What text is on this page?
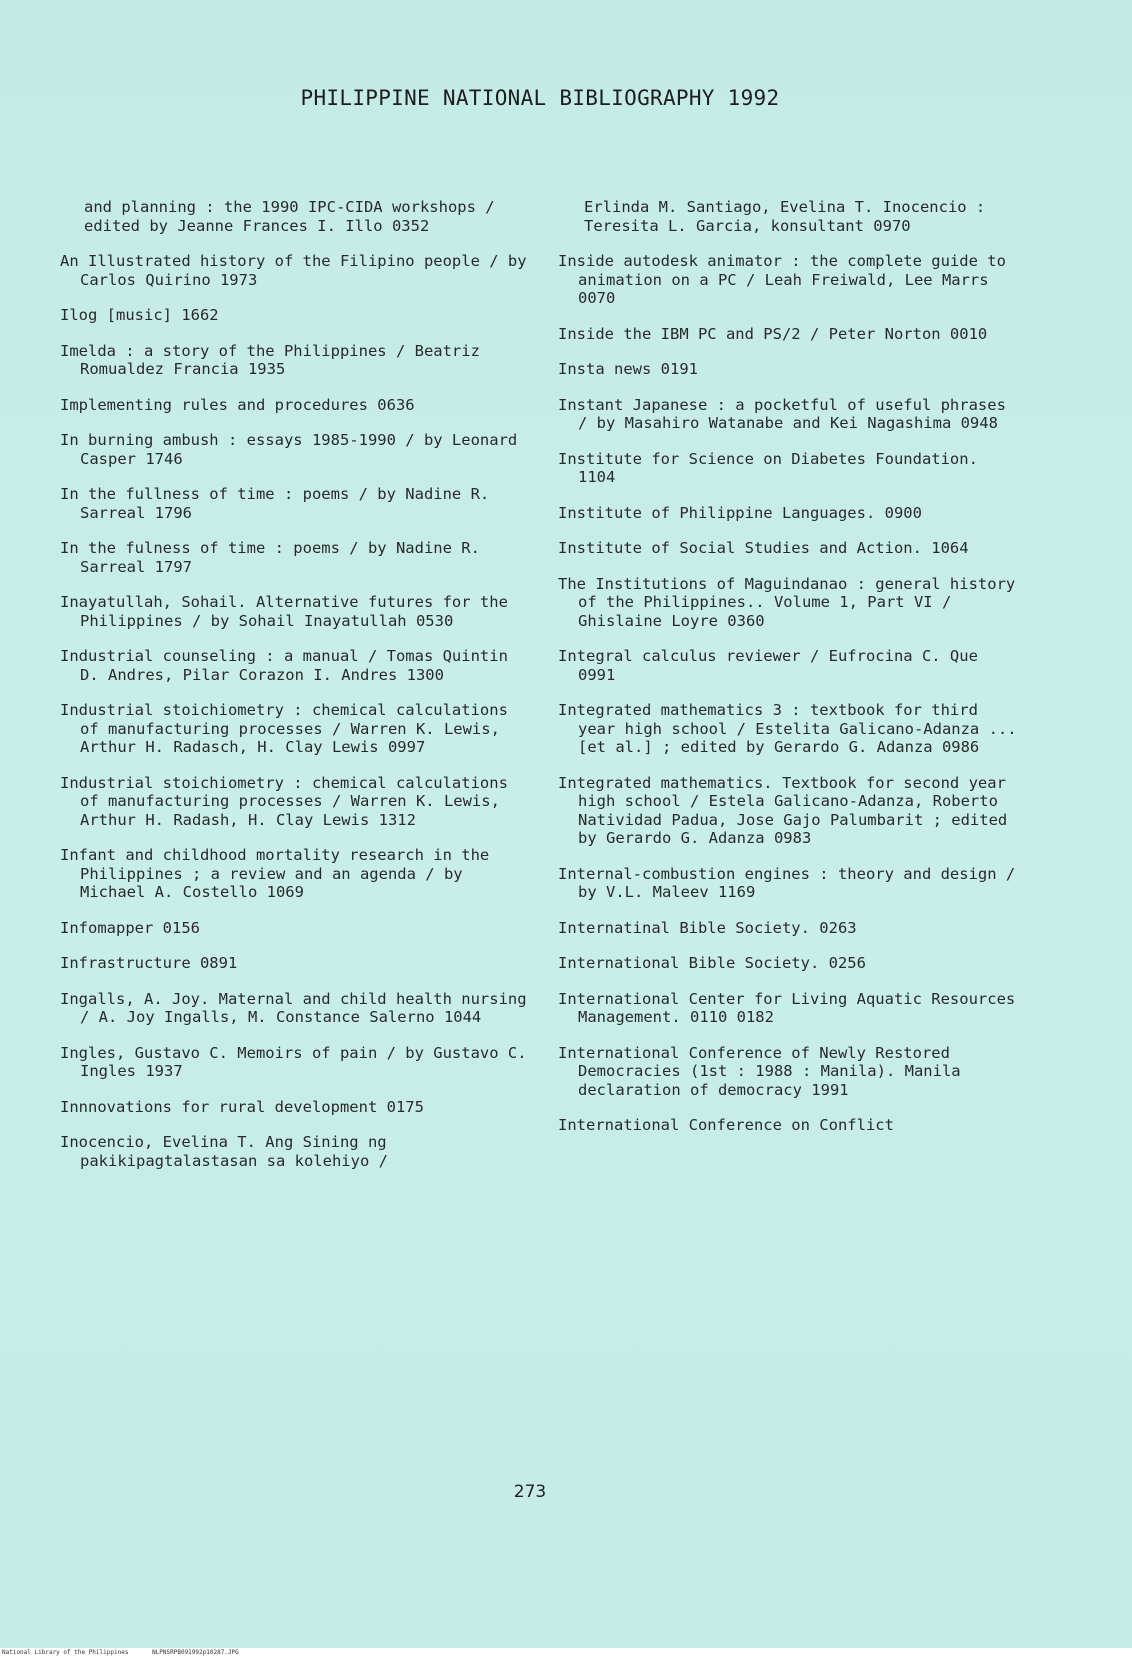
PHILIPPINE NATIONAL BIBLIOGRAPHY 1992
and planning : the 1990 IPC-CIDA workshops / edited by Jeanne Frances I. Illo 0352
An Illustrated history of the Filipino people / by Carlos Quirino 1973
Ilog [music] 1662
Imelda : a story of the Philippines / Beatriz Romualdez Francia 1935
Implementing rules and procedures 0636
In burning ambush : essays 1985-1990 / by Leonard Casper 1746
In the fullness of time : poems / by Nadine R. Sarreal 1796
In the fulness of time : poems / by Nadine R. Sarreal 1797
Inayatullah, Sohail. Alternative futures for the Philippines / by Sohail Inayatullah 0530
Industrial counseling : a manual / Tomas Quintin D. Andres, Pilar Corazon I. Andres 1300
Industrial stoichiometry : chemical calculations of manufacturing processes / Warren K. Lewis, Arthur H. Radasch, H. Clay Lewis 0997
Industrial stoichiometry : chemical calculations of manufacturing processes / Warren K. Lewis, Arthur H. Radash, H. Clay Lewis 1312
Infant and childhood mortality research in the Philippines ; a review and an agenda / by Michael A. Costello 1069
Infomapper 0156
Infrastructure 0891
Ingalls, A. Joy. Maternal and child health nursing / A. Joy Ingalls, M. Constance Salerno 1044
Ingles, Gustavo C. Memoirs of pain / by Gustavo C. Ingles 1937
Innnovations for rural development 0175
Inocencio, Evelina T. Ang Sining ng pakikipagtalastasan sa kolehiyo /
Erlinda M. Santiago, Evelina T. Inocencio : Teresita L. Garcia, konsultant 0970
Inside autodesk animator : the complete guide to animation on a PC / Leah Freiwald, Lee Marrs 0070
Inside the IBM PC and PS/2 / Peter Norton 0010
Insta news 0191
Instant Japanese : a pocketful of useful phrases / by Masahiro Watanabe and Kei Nagashima 0948
Institute for Science on Diabetes Foundation. 1104
Institute of Philippine Languages. 0900
Institute of Social Studies and Action. 1064
The Institutions of Maguindanao : general history of the Philippines.. Volume 1, Part VI / Ghislaine Loyre 0360
Integral calculus reviewer / Eufrocina C. Que 0991
Integrated mathematics 3 : textbook for third year high school / Estelita Galicano-Adanza ... [et al.] ; edited by Gerardo G. Adanza 0986
Integrated mathematics. Textbook for second year high school / Estela Galicano-Adanza, Roberto Natividad Padua, Jose Gajo Palumbarit ; edited by Gerardo G. Adanza 0983
Internal-combustion engines : theory and design / by V.L. Maleev 1169
Internatinal Bible Society. 0263
International Bible Society. 0256
International Center for Living Aquatic Resources Management. 0110 0182
International Conference of Newly Restored Democracies (1st : 1988 : Manila). Manila declaration of democracy 1991
International Conference on Conflict
273
National Library of the Philippines	NLPNSRPB091992p10287.JPG
